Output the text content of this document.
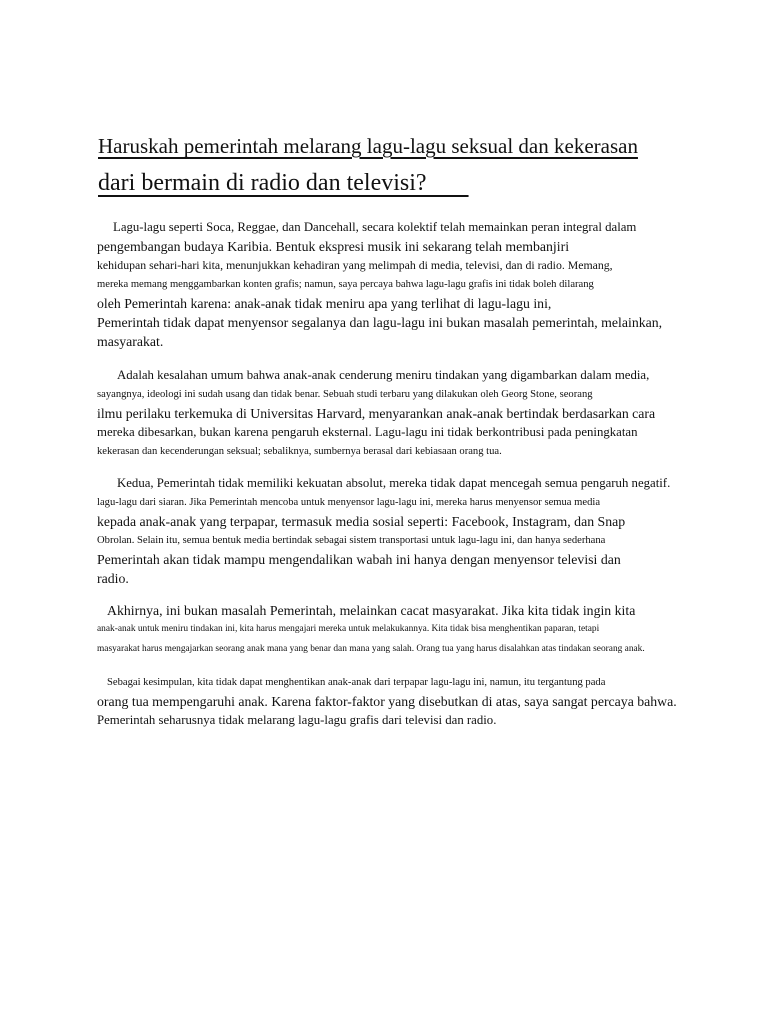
Haruskah pemerintah melarang lagu-lagu seksual dan kekerasan
dari bermain di radio dan televisi?

Lagu-lagu seperti Soca, Reggae, dan Dancehall, secara kolektif telah memainkan peran integral dalam
pengembangan budaya Karibia. Bentuk ekspresi musik ini sekarang telah membanjiri
kehidupan sehari-hari kita, menunjukkan kehadiran yang melimpah di media, televisi, dan di radio. Memang,
mereka memang menggambarkan konten grafis; namun, saya percaya bahwa lagu-lagu grafis ini tidak boleh dilarang
oleh Pemerintah karena: anak-anak tidak meniru apa yang terlihat di lagu-lagu ini,
Pemerintah tidak dapat menyensor segalanya dan lagu-lagu ini bukan masalah pemerintah, melainkan,
masyarakat.

Adalah kesalahan umum bahwa anak-anak cenderung meniru tindakan yang digambarkan dalam media,
sayangnya, ideologi ini sudah usang dan tidak benar. Sebuah studi terbaru yang dilakukan oleh Georg Stone, seorang
ilmu perilaku terkemuka di Universitas Harvard, menyarankan anak-anak bertindak berdasarkan cara
mereka dibesarkan, bukan karena pengaruh eksternal. Lagu-lagu ini tidak berkontribusi pada peningkatan
kekerasan dan kecenderungan seksual; sebaliknya, sumbernya berasal dari kebiasaan orang tua.

Kedua, Pemerintah tidak memiliki kekuatan absolut, mereka tidak dapat mencegah semua pengaruh negatif.
lagu-lagu dari siaran. Jika Pemerintah mencoba untuk menyensor lagu-lagu ini, mereka harus menyensor semua media
kepada anak-anak yang terpapar, termasuk media sosial seperti: Facebook, Instagram, dan Snap
Obrolan. Selain itu, semua bentuk media bertindak sebagai sistem transportasi untuk lagu-lagu ini, dan hanya sederhana
Pemerintah akan tidak mampu mengendalikan wabah ini hanya dengan menyensor televisi dan
radio.

Akhirnya, ini bukan masalah Pemerintah, melainkan cacat masyarakat. Jika kita tidak ingin kita
anak-anak untuk meniru tindakan ini, kita harus mengajari mereka untuk melakukannya. Kita tidak bisa menghentikan paparan, tetapi
masyarakat harus mengajarkan seorang anak mana yang benar dan mana yang salah. Orang tua yang harus disalahkan atas tindakan seorang anak.

Sebagai kesimpulan, kita tidak dapat menghentikan anak-anak dari terpapar lagu-lagu ini, namun, itu tergantung pada
orang tua mempengaruhi anak. Karena faktor-faktor yang disebutkan di atas, saya sangat percaya bahwa.
Pemerintah seharusnya tidak melarang lagu-lagu grafis dari televisi dan radio.
